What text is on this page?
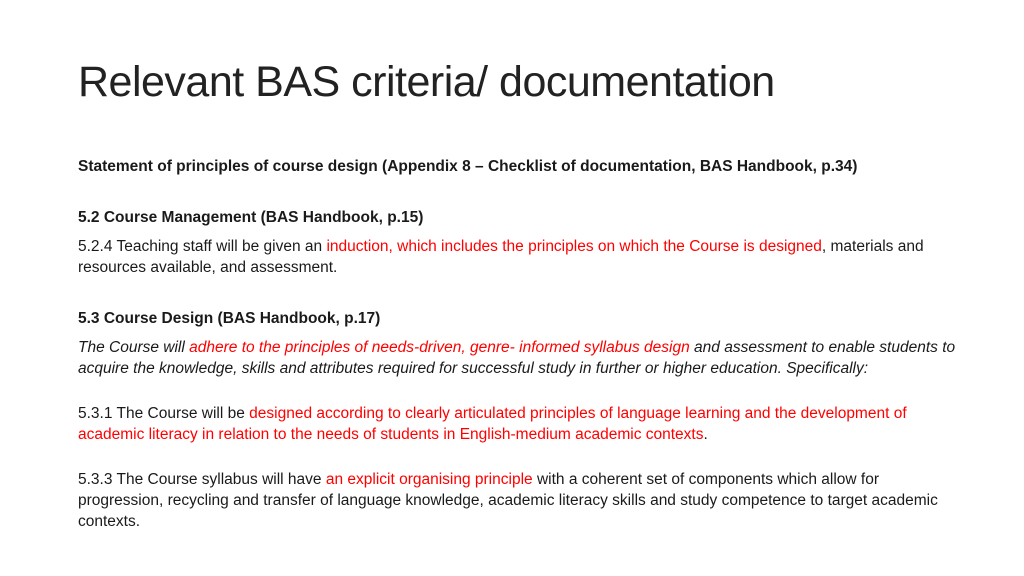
Relevant BAS criteria/ documentation

Statement of principles of course design (Appendix 8 – Checklist of documentation, BAS Handbook, p.34)

5.2 Course Management (BAS Handbook, p.15)

5.2.4 Teaching staff will be given an induction, which includes the principles on which the Course is designed, materials and resources available, and assessment.

5.3 Course Design (BAS Handbook, p.17)

The Course will adhere to the principles of needs-driven, genre- informed syllabus design and assessment to enable students to acquire the knowledge, skills and attributes required for successful study in further or higher education. Specifically:

5.3.1 The Course will be designed according to clearly articulated principles of language learning and the development of academic literacy in relation to the needs of students in English-medium academic contexts.

5.3.3 The Course syllabus will have an explicit organising principle with a coherent set of components which allow for progression, recycling and transfer of language knowledge, academic literacy skills and study competence to target academic contexts.
